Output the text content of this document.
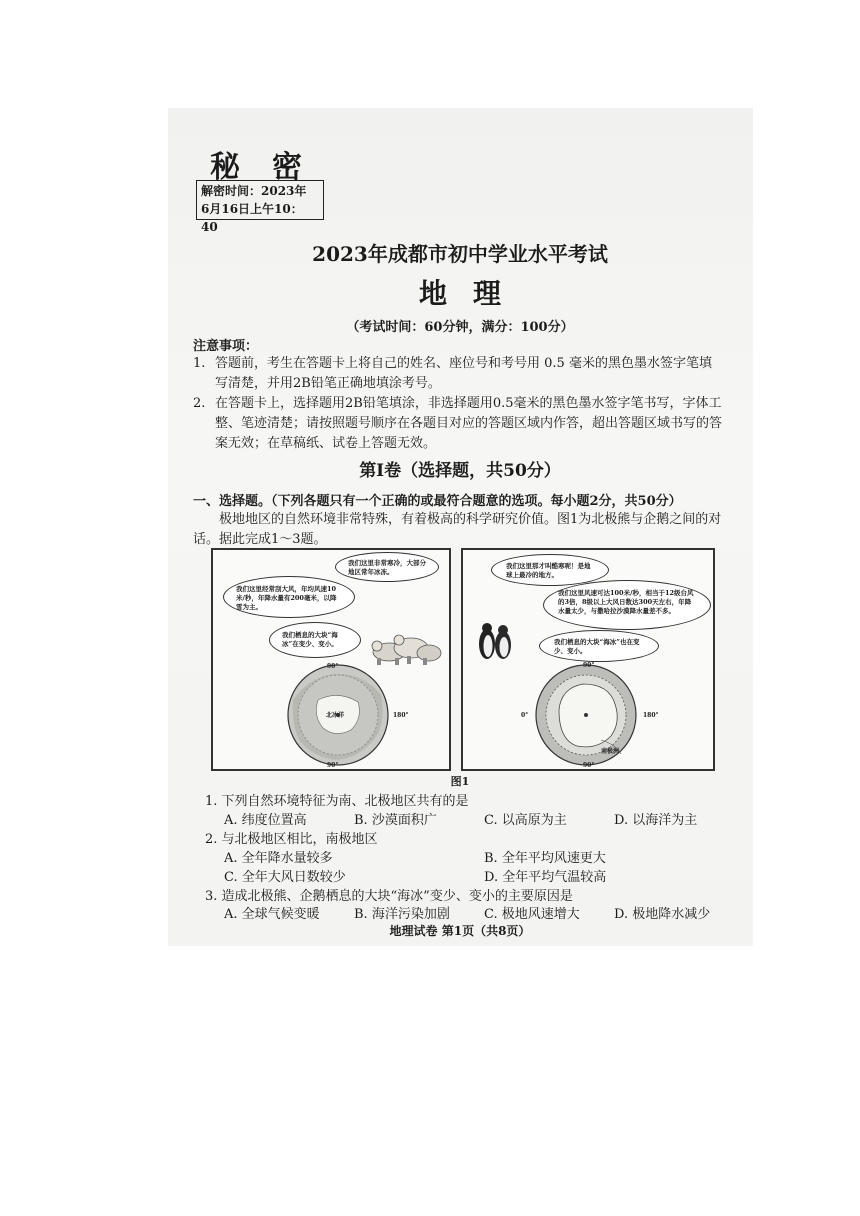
秘密
解密时间：2023年
6月16日上午10：40
2023年成都市初中学业水平考试
地理
（考试时间：60分钟，满分：100分）
注意事项：
1. 答题前，考生在答题卡上将自己的姓名、座位号和考号用 0.5 毫米的黑色墨水签字笔填写清楚，并用2B铅笔正确地填涂考号。
2. 在答题卡上，选择题用2B铅笔填涂，非选择题用0.5毫米的黑色墨水签字笔书写，字体工整、笔迹清楚；请按照题号顺序在各题目对应的答题区域内作答，超出答题区域书写的答案无效；在草稿纸、试卷上答题无效。
第Ⅰ卷（选择题，共50分）
一、选择题。（下列各题只有一个正确的或最符合题意的选项。每小题2分，共50分）
极地地区的自然环境非常特殊，有着极高的科学研究价值。图1为北极熊与企鹅之间的对话。据此完成1～3题。
我们这里非常寒冷，大部分地区常年冰冻。
我们这里经常刮大风，年均风速10米/秒，年降水量有200毫米，以降雪为主。
我们栖息的大块“海冰”在变少、变小。
90°
北冰洋	180°
90°
我们这里那才叫酷寒呢！是地球上最冷的地方。
我们这里风速可达100米/秒，相当于12级台风的3倍，8级以上大风日数达300天左右，年降水量太少，与撒哈拉沙漠降水量差不多。
我们栖息的大块“海冰”也在变少、变小。
90°
0°	180°
南极洲
90°
图1
1. 下列自然环境特征为南、北极地区共有的是
A. 纬度位置高	B. 沙漠面积广	C. 以高原为主	D. 以海洋为主
2. 与北极地区相比，南极地区
A. 全年降水量较多	B. 全年平均风速更大
C. 全年大风日数较少	D. 全年平均气温较高
3. 造成北极熊、企鹅栖息的大块“海冰”变少、变小的主要原因是
A. 全球气候变暖	B. 海洋污染加剧	C. 极地风速增大	D. 极地降水减少
地理试卷 第1页（共8页）
